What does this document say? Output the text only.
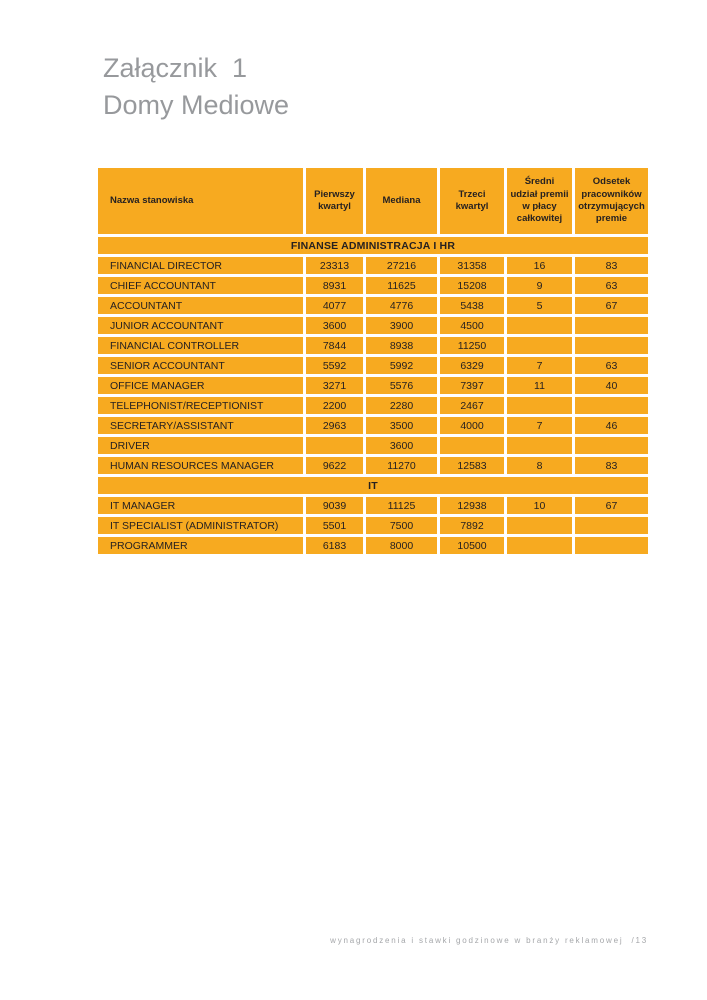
Załącznik  1
Domy Mediowe
Nazwa stanowiska	Pierwszy kwartyl	Mediana	Trzeci kwartyl	Średni udział premii w płacy całkowitej	Odsetek pracowników otrzymujących premie
FINANSE ADMINISTRACJA I HR					
FINANCIAL DIRECTOR	23313	27216	31358	16	83
CHIEF ACCOUNTANT	8931	11625	15208	9	63
ACCOUNTANT	4077	4776	5438	5	67
JUNIOR ACCOUNTANT	3600	3900	4500		
FINANCIAL CONTROLLER	7844	8938	11250		
SENIOR ACCOUNTANT	5592	5992	6329	7	63
OFFICE MANAGER	3271	5576	7397	11	40
TELEPHONIST/RECEPTIONIST	2200	2280	2467		
SECRETARY/ASSISTANT	2963	3500	4000	7	46
DRIVER		3600			
HUMAN RESOURCES MANAGER	9622	11270	12583	8	83
IT					
IT MANAGER	9039	11125	12938	10	67
IT SPECIALIST (ADMINISTRATOR)	5501	7500	7892		
PROGRAMMER	6183	8000	10500		
wynagrodzenia i stawki godzinowe w branży reklamowej  /13
